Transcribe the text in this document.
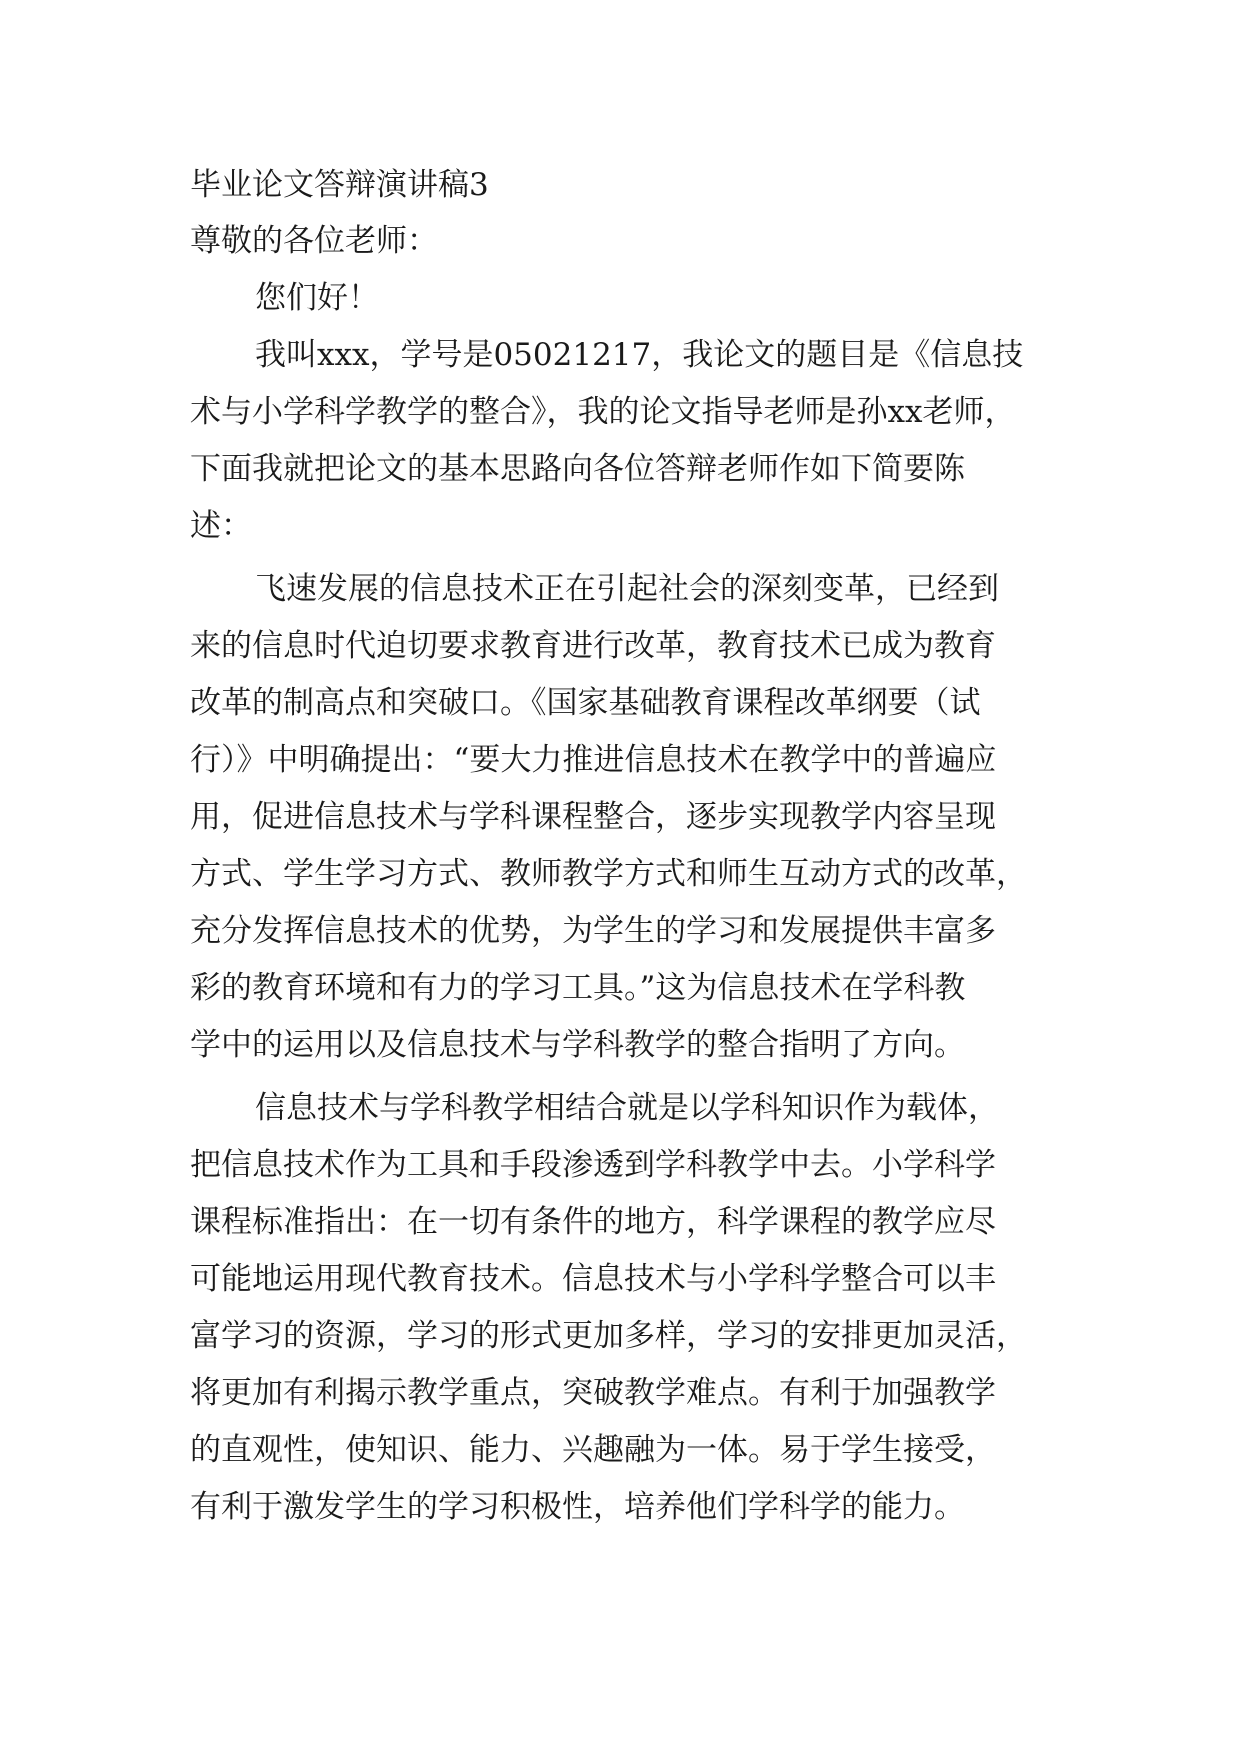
毕业论文答辩演讲稿3
尊敬的各位老师：
您们好！
我叫xxx，学号是05021217，我论文的题目是《信息技
术与小学科学教学的整合》，我的论文指导老师是孙xx老师，
下面我就把论文的基本思路向各位答辩老师作如下简要陈
述：
飞速发展的信息技术正在引起社会的深刻变革，已经到
来的信息时代迫切要求教育进行改革，教育技术已成为教育
改革的制高点和突破口。《国家基础教育课程改革纲要（试
行）》中明确提出：“要大力推进信息技术在教学中的普遍应
用，促进信息技术与学科课程整合，逐步实现教学内容呈现
方式、学生学习方式、教师教学方式和师生互动方式的改革，
充分发挥信息技术的优势，为学生的学习和发展提供丰富多
彩的教育环境和有力的学习工具。”这为信息技术在学科教
学中的运用以及信息技术与学科教学的整合指明了方向。
信息技术与学科教学相结合就是以学科知识作为载体，
把信息技术作为工具和手段渗透到学科教学中去。小学科学
课程标准指出：在一切有条件的地方，科学课程的教学应尽
可能地运用现代教育技术。信息技术与小学科学整合可以丰
富学习的资源，学习的形式更加多样，学习的安排更加灵活，
将更加有利揭示教学重点，突破教学难点。有利于加强教学
的直观性，使知识、能力、兴趣融为一体。易于学生接受，
有利于激发学生的学习积极性，培养他们学科学的能力。
